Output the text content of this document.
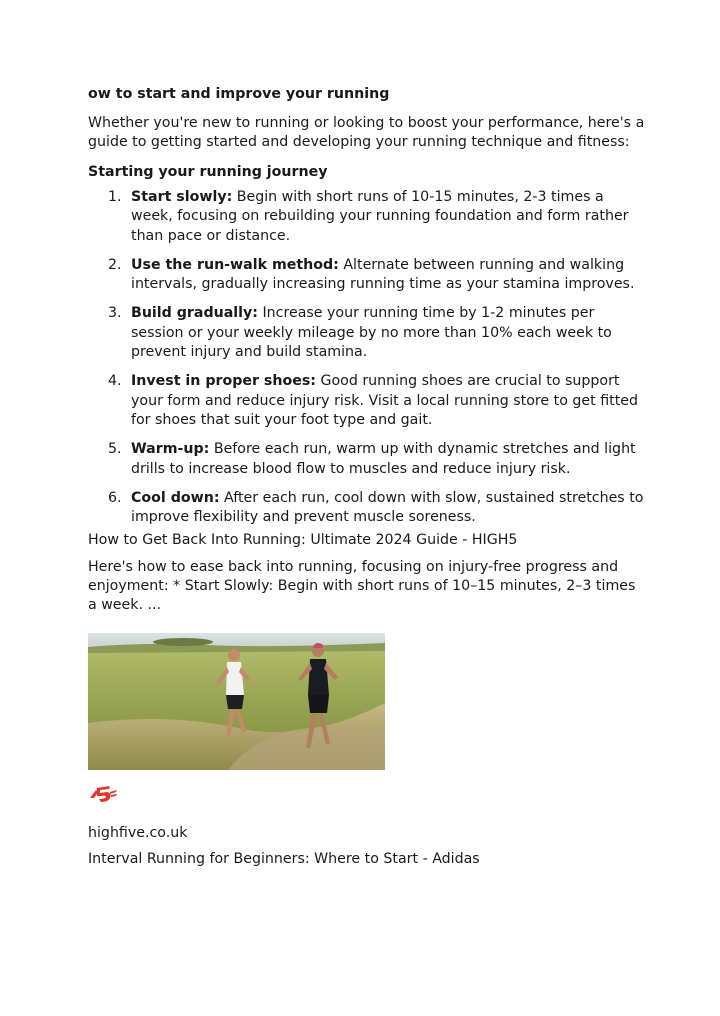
ow to start and improve your running

Whether you're new to running or looking to boost your performance, here's a guide to getting started and developing your running technique and fitness:

Starting your running journey
Start slowly: Begin with short runs of 10-15 minutes, 2-3 times a week, focusing on rebuilding your running foundation and form rather than pace or distance.
Use the run-walk method: Alternate between running and walking intervals, gradually increasing running time as your stamina improves.
Build gradually: Increase your running time by 1-2 minutes per session or your weekly mileage by no more than 10% each week to prevent injury and build stamina.
Invest in proper shoes: Good running shoes are crucial to support your form and reduce injury risk. Visit a local running store to get fitted for shoes that suit your foot type and gait.
Warm-up: Before each run, warm up with dynamic stretches and light drills to increase blood flow to muscles and reduce injury risk.
Cool down: After each run, cool down with slow, sustained stretches to improve flexibility and prevent muscle soreness.
How to Get Back Into Running: Ultimate 2024 Guide - HIGH5

Here's how to ease back into running, focusing on injury-free progress and enjoyment: * Start Slowly: Begin with short runs of 10–15 minutes, 2–3 times a week. ...

highfive.co.uk
Interval Running for Beginners: Where to Start - Adidas
